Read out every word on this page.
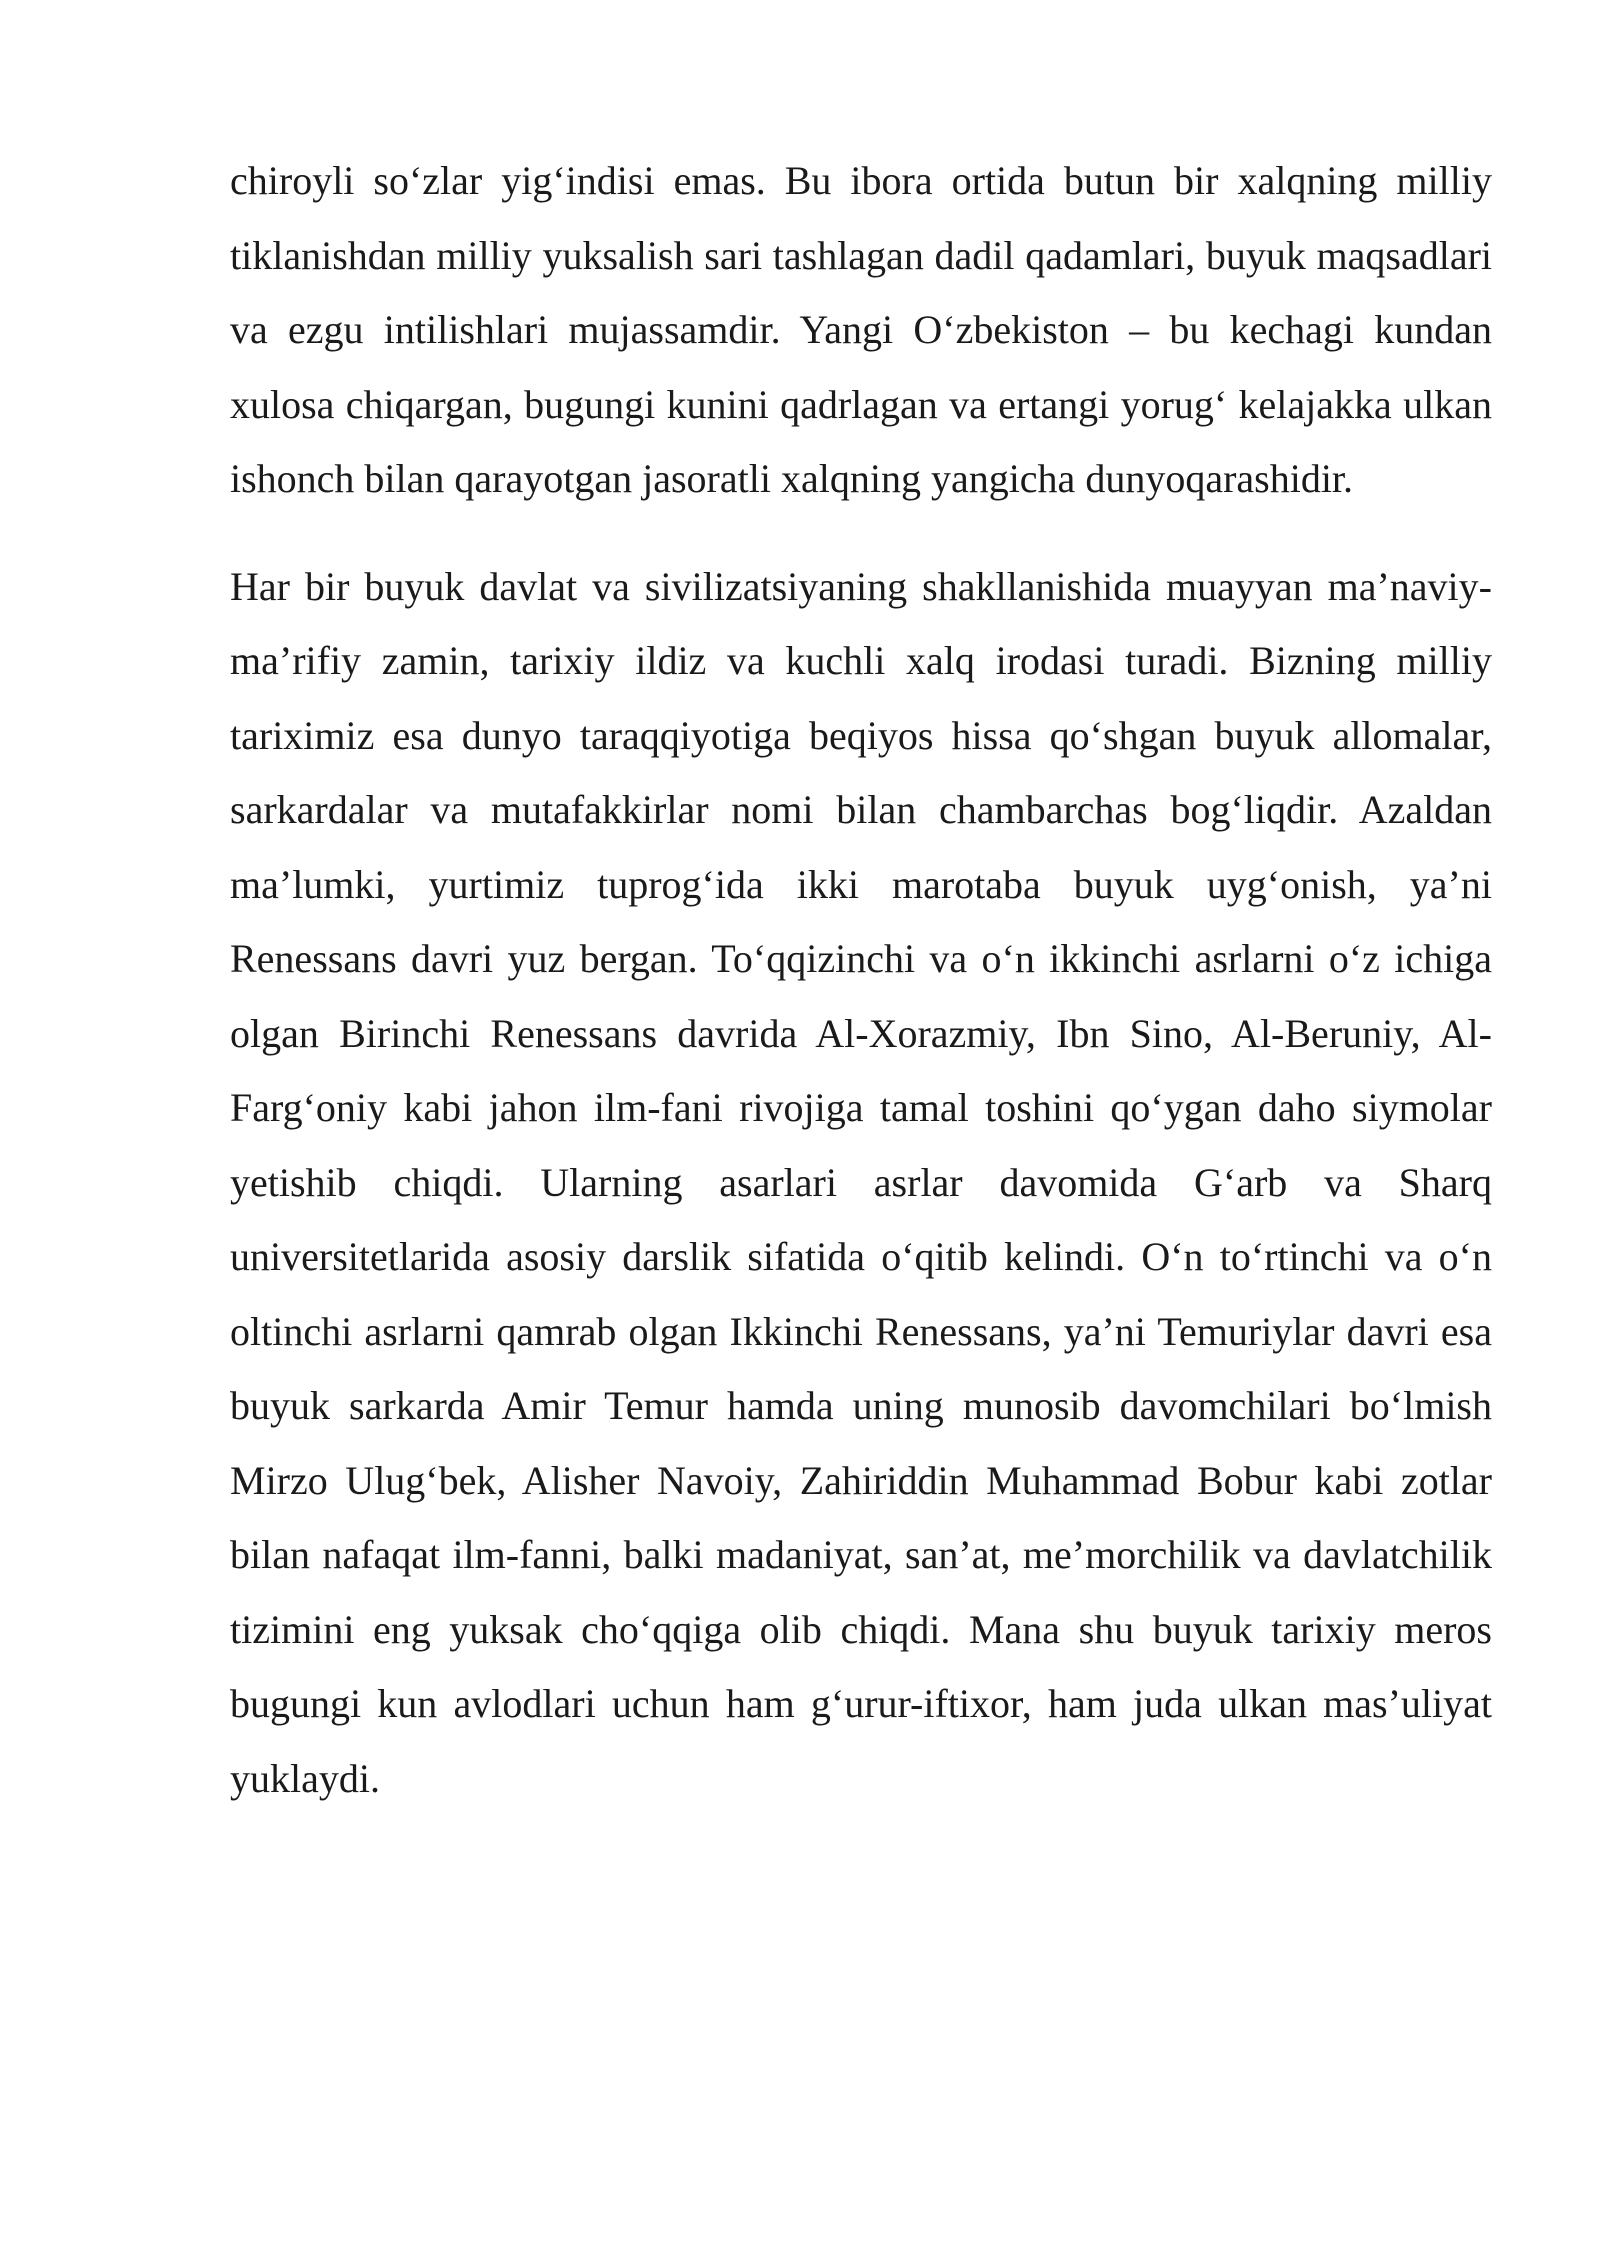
chiroyli so‘zlar yig‘indisi emas. Bu ibora ortida butun bir xalqning milliy tiklanishdan milliy yuksalish sari tashlagan dadil qadamlari, buyuk maqsadlari va ezgu intilishlari mujassamdir. Yangi O‘zbekiston – bu kechagi kundan xulosa chiqargan, bugungi kunini qadrlagan va ertangi yorug‘ kelajakka ulkan ishonch bilan qarayotgan jasoratli xalqning yangicha dunyoqarashidir.

Har bir buyuk davlat va sivilizatsiyaning shakllanishida muayyan ma’naviy-ma’rifiy zamin, tarixiy ildiz va kuchli xalq irodasi turadi. Bizning milliy tariximiz esa dunyo taraqqiyotiga beqiyos hissa qo‘shgan buyuk allomalar, sarkardalar va mutafakkirlar nomi bilan chambarchas bog‘liqdir. Azaldan ma’lumki, yurtimiz tuprog‘ida ikki marotaba buyuk uyg‘onish, ya’ni Renessans davri yuz bergan. To‘qqizinchi va o‘n ikkinchi asrlarni o‘z ichiga olgan Birinchi Renessans davrida Al-Xorazmiy, Ibn Sino, Al-Beruniy, Al-Farg‘oniy kabi jahon ilm-fani rivojiga tamal toshini qo‘ygan daho siymolar yetishib chiqdi. Ularning asarlari asrlar davomida G‘arb va Sharq universitetlarida asosiy darslik sifatida o‘qitib kelindi. O‘n to‘rtinchi va o‘n oltinchi asrlarni qamrab olgan Ikkinchi Renessans, ya’ni Temuriylar davri esa buyuk sarkarda Amir Temur hamda uning munosib davomchilari bo‘lmish Mirzo Ulug‘bek, Alisher Navoiy, Zahiriddin Muhammad Bobur kabi zotlar bilan nafaqat ilm-fanni, balki madaniyat, san’at, me’morchilik va davlatchilik tizimini eng yuksak cho‘qqiga olib chiqdi. Mana shu buyuk tarixiy meros bugungi kun avlodlari uchun ham g‘urur-iftixor, ham juda ulkan mas’uliyat yuklaydi.
